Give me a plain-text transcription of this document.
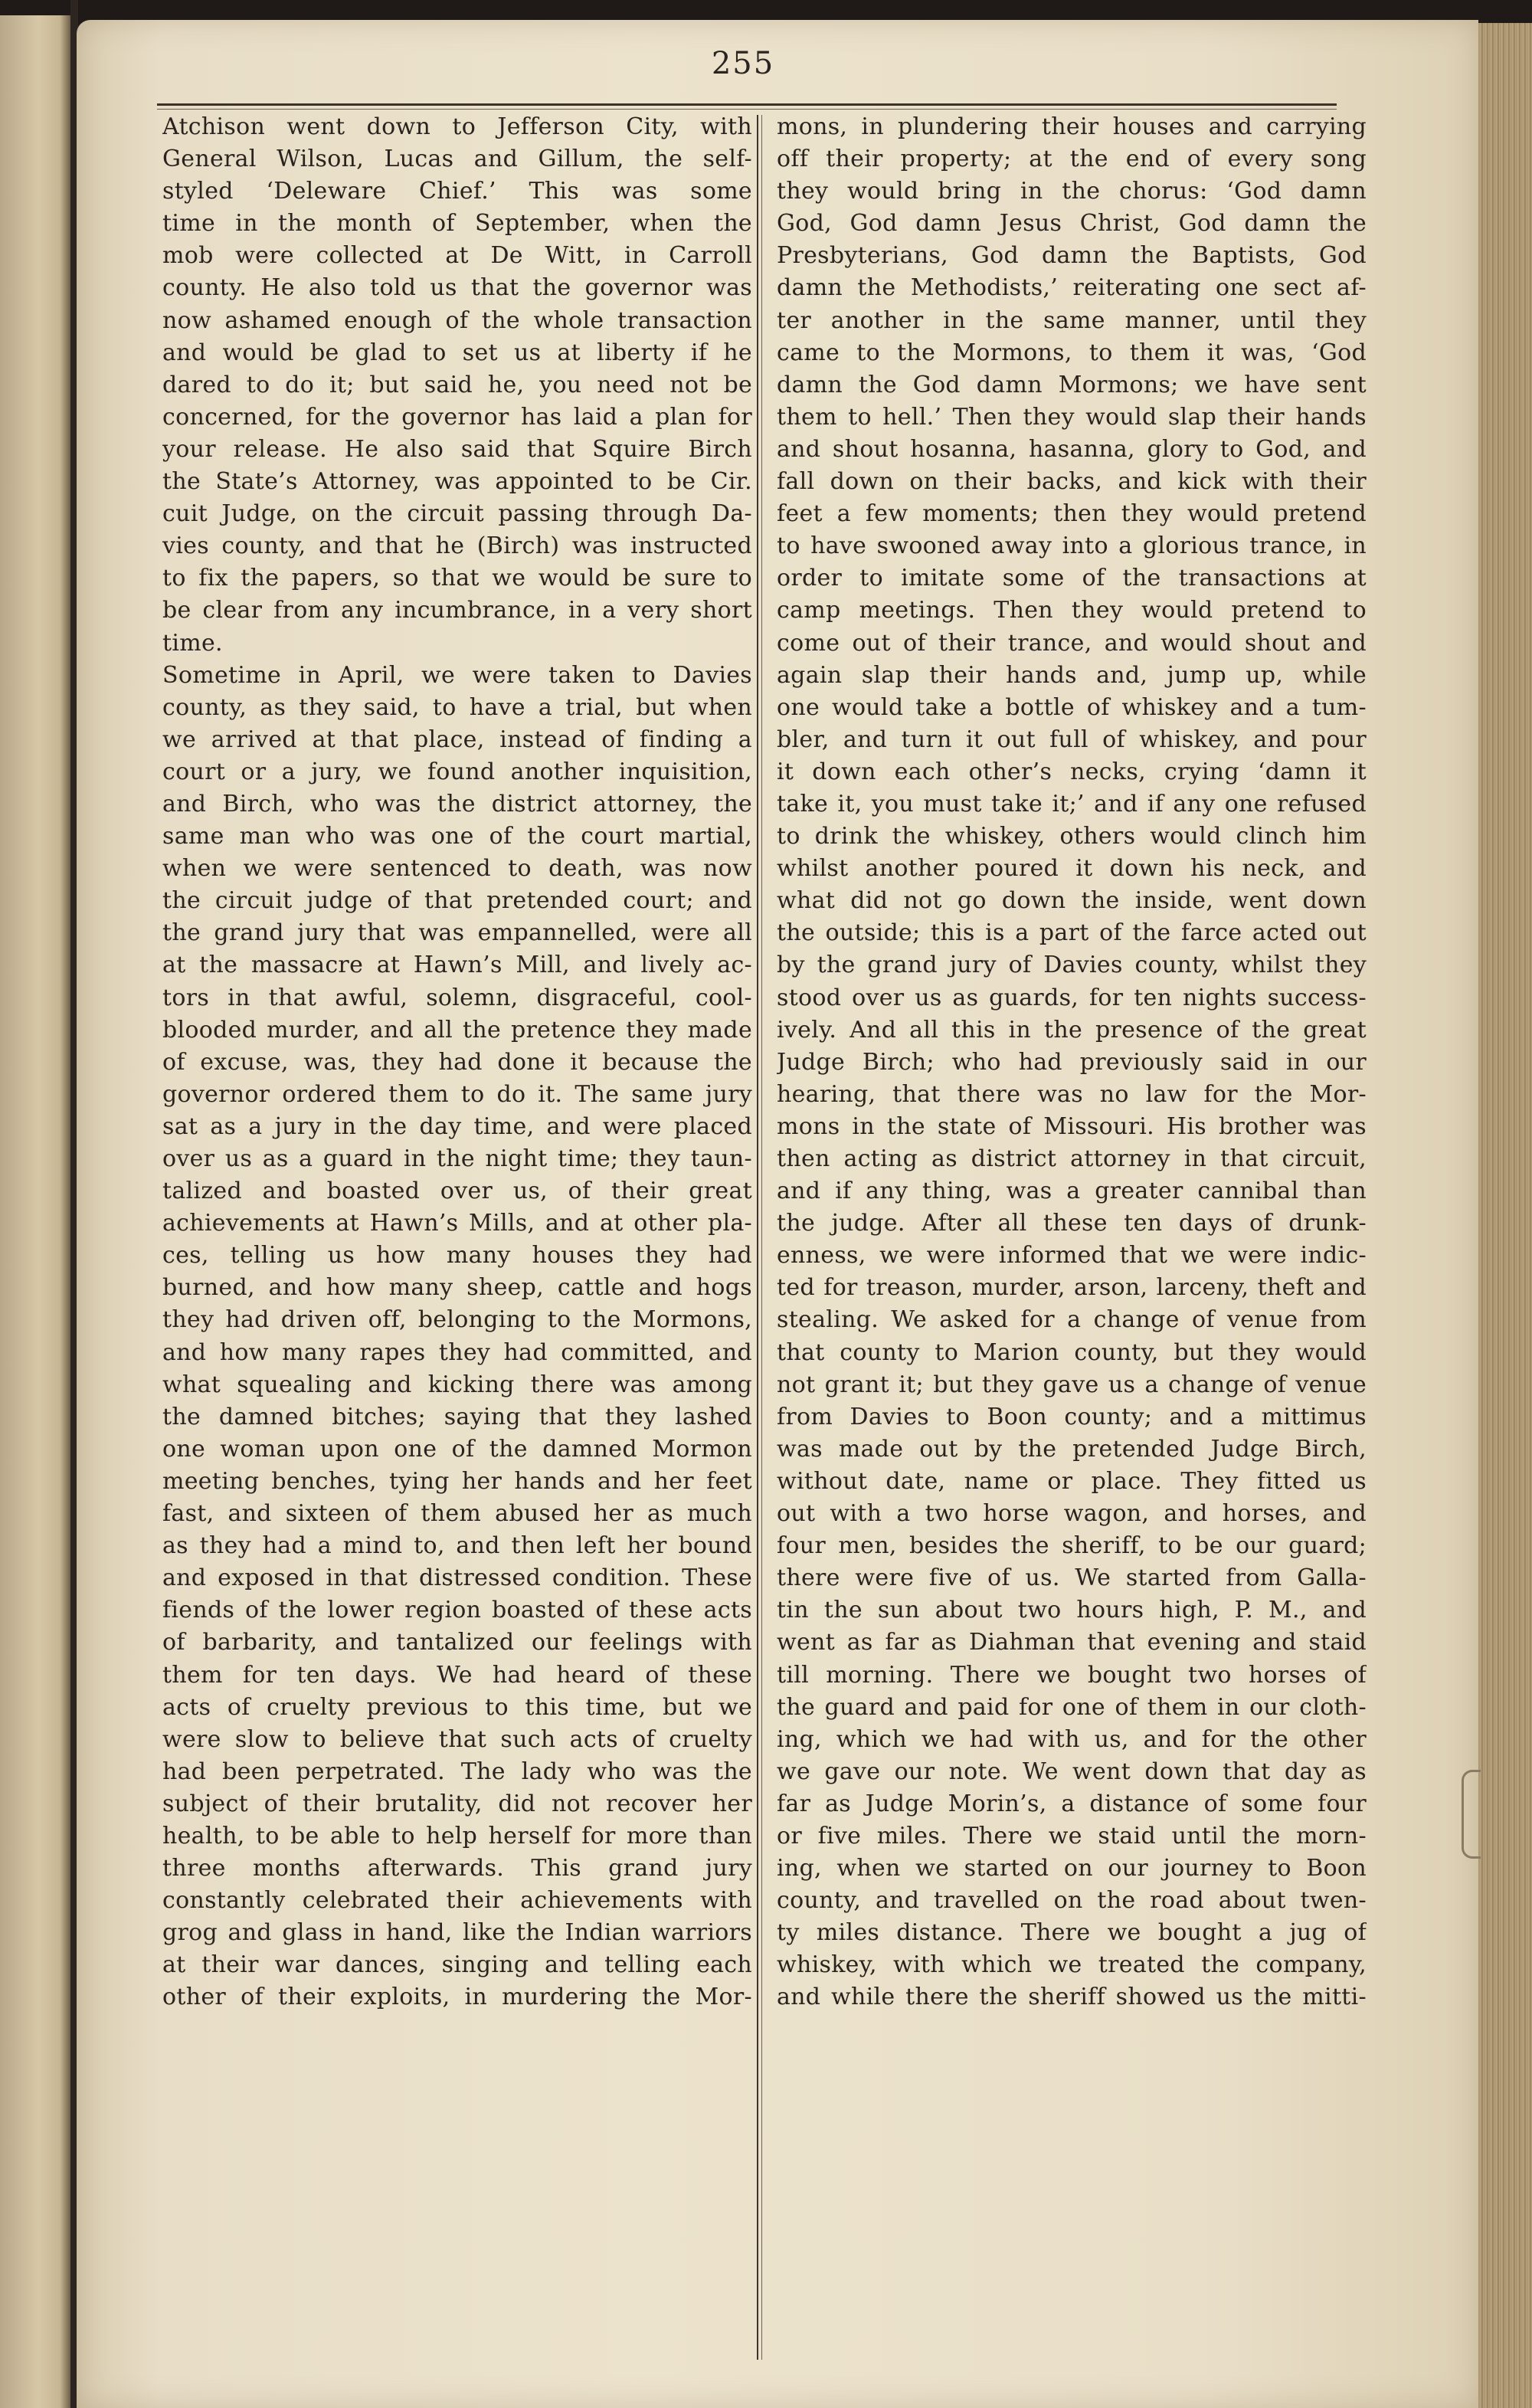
255
Atchison went down to Jefferson City, with
General Wilson, Lucas and Gillum, the self-
styled ‘Deleware Chief.’ This was some
time in the month of September, when the
mob were collected at De Witt, in Carroll
county. He also told us that the governor was
now ashamed enough of the whole transaction
and would be glad to set us at liberty if he
dared to do it; but said he, you need not be
concerned, for the governor has laid a plan for
your release. He also said that Squire Birch
the State’s Attorney, was appointed to be Cir.
cuit Judge, on the circuit passing through Da-
vies county, and that he (Birch) was instructed
to fix the papers, so that we would be sure to
be clear from any incumbrance, in a very short
time.
Sometime in April, we were taken to Davies
county, as they said, to have a trial, but when
we arrived at that place, instead of finding a
court or a jury, we found another inquisition,
and Birch, who was the district attorney, the
same man who was one of the court martial,
when we were sentenced to death, was now
the circuit judge of that pretended court; and
the grand jury that was empannelled, were all
at the massacre at Hawn’s Mill, and lively ac-
tors in that awful, solemn, disgraceful, cool-
blooded murder, and all the pretence they made
of excuse, was, they had done it because the
governor ordered them to do it. The same jury
sat as a jury in the day time, and were placed
over us as a guard in the night time; they taun-
talized and boasted over us, of their great
achievements at Hawn’s Mills, and at other pla-
ces, telling us how many houses they had
burned, and how many sheep, cattle and hogs
they had driven off, belonging to the Mormons,
and how many rapes they had committed, and
what squealing and kicking there was among
the damned bitches; saying that they lashed
one woman upon one of the damned Mormon
meeting benches, tying her hands and her feet
fast, and sixteen of them abused her as much
as they had a mind to, and then left her bound
and exposed in that distressed condition. These
fiends of the lower region boasted of these acts
of barbarity, and tantalized our feelings with
them for ten days. We had heard of these
acts of cruelty previous to this time, but we
were slow to believe that such acts of cruelty
had been perpetrated. The lady who was the
subject of their brutality, did not recover her
health, to be able to help herself for more than
three months afterwards. This grand jury
constantly celebrated their achievements with
grog and glass in hand, like the Indian warriors
at their war dances, singing and telling each
other of their exploits, in murdering the Mor-
mons, in plundering their houses and carrying
off their property; at the end of every song
they would bring in the chorus: ‘God damn
God, God damn Jesus Christ, God damn the
Presbyterians, God damn the Baptists, God
damn the Methodists,’ reiterating one sect af-
ter another in the same manner, until they
came to the Mormons, to them it was, ‘God
damn the God damn Mormons; we have sent
them to hell.’ Then they would slap their hands
and shout hosanna, hasanna, glory to God, and
fall down on their backs, and kick with their
feet a few moments; then they would pretend
to have swooned away into a glorious trance, in
order to imitate some of the transactions at
camp meetings. Then they would pretend to
come out of their trance, and would shout and
again slap their hands and, jump up, while
one would take a bottle of whiskey and a tum-
bler, and turn it out full of whiskey, and pour
it down each other’s necks, crying ‘damn it
take it, you must take it;’ and if any one refused
to drink the whiskey, others would clinch him
whilst another poured it down his neck, and
what did not go down the inside, went down
the outside; this is a part of the farce acted out
by the grand jury of Davies county, whilst they
stood over us as guards, for ten nights success-
ively. And all this in the presence of the great
Judge Birch; who had previously said in our
hearing, that there was no law for the Mor-
mons in the state of Missouri. His brother was
then acting as district attorney in that circuit,
and if any thing, was a greater cannibal than
the judge. After all these ten days of drunk-
enness, we were informed that we were indic-
ted for treason, murder, arson, larceny, theft and
stealing. We asked for a change of venue from
that county to Marion county, but they would
not grant it; but they gave us a change of venue
from Davies to Boon county; and a mittimus
was made out by the pretended Judge Birch,
without date, name or place. They fitted us
out with a two horse wagon, and horses, and
four men, besides the sheriff, to be our guard;
there were five of us. We started from Galla-
tin the sun about two hours high, P. M., and
went as far as Diahman that evening and staid
till morning. There we bought two horses of
the guard and paid for one of them in our cloth-
ing, which we had with us, and for the other
we gave our note. We went down that day as
far as Judge Morin’s, a distance of some four
or five miles. There we staid until the morn-
ing, when we started on our journey to Boon
county, and travelled on the road about twen-
ty miles distance. There we bought a jug of
whiskey, with which we treated the company,
and while there the sheriff showed us the mitti-
